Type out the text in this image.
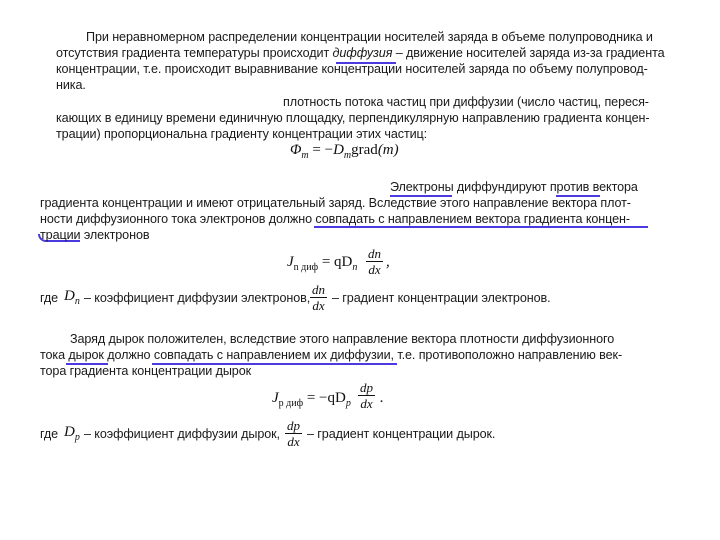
При неравномерном распределении концентрации носителей заряда в объеме полупроводника и
отсутствия градиента температуры происходит диффузия – движение носителей заряда из-за градиента
концентрации, т.е. происходит выравнивание концентрации носителей заряда по объему полупровод-
ника.
плотность потока частиц при диффузии (число частиц, переся-
кающих в единицу времени единичную площадку, перпендикулярную направлению градиента концен-
трации) пропорциональна градиенту концентрации этих частиц:
$\Phi_m$ = $-D_mgrad(m)$
Электроны диффундируют против вектора
градиента концентрации и имеют отрицательный заряд. Вследствие этого направление вектора плот-
ности диффузионного тока электронов должно совпадать с направлением вектора градиента концен-
трации электронов
$J_{n диф} = qD_n \frac{dn}{dx}$ ,
где $D_n$ – коэффициент диффузии электронов, $\frac{dn}{dx}$ – градиент концентрации электронов.
Заряд дырок положителен, вследствие этого направление вектора плотности диффузионного
тока дырок должно совпадать с направлением их диффузии, т.е. противоположно направлению век-
тора градиента концентрации дырок
$J_{p диф} = -qD_p \frac{dp}{dx}$ .
где $D_p$ – коэффициент диффузии дырок, $\frac{dp}{dx}$ – градиент концентрации дырок.
